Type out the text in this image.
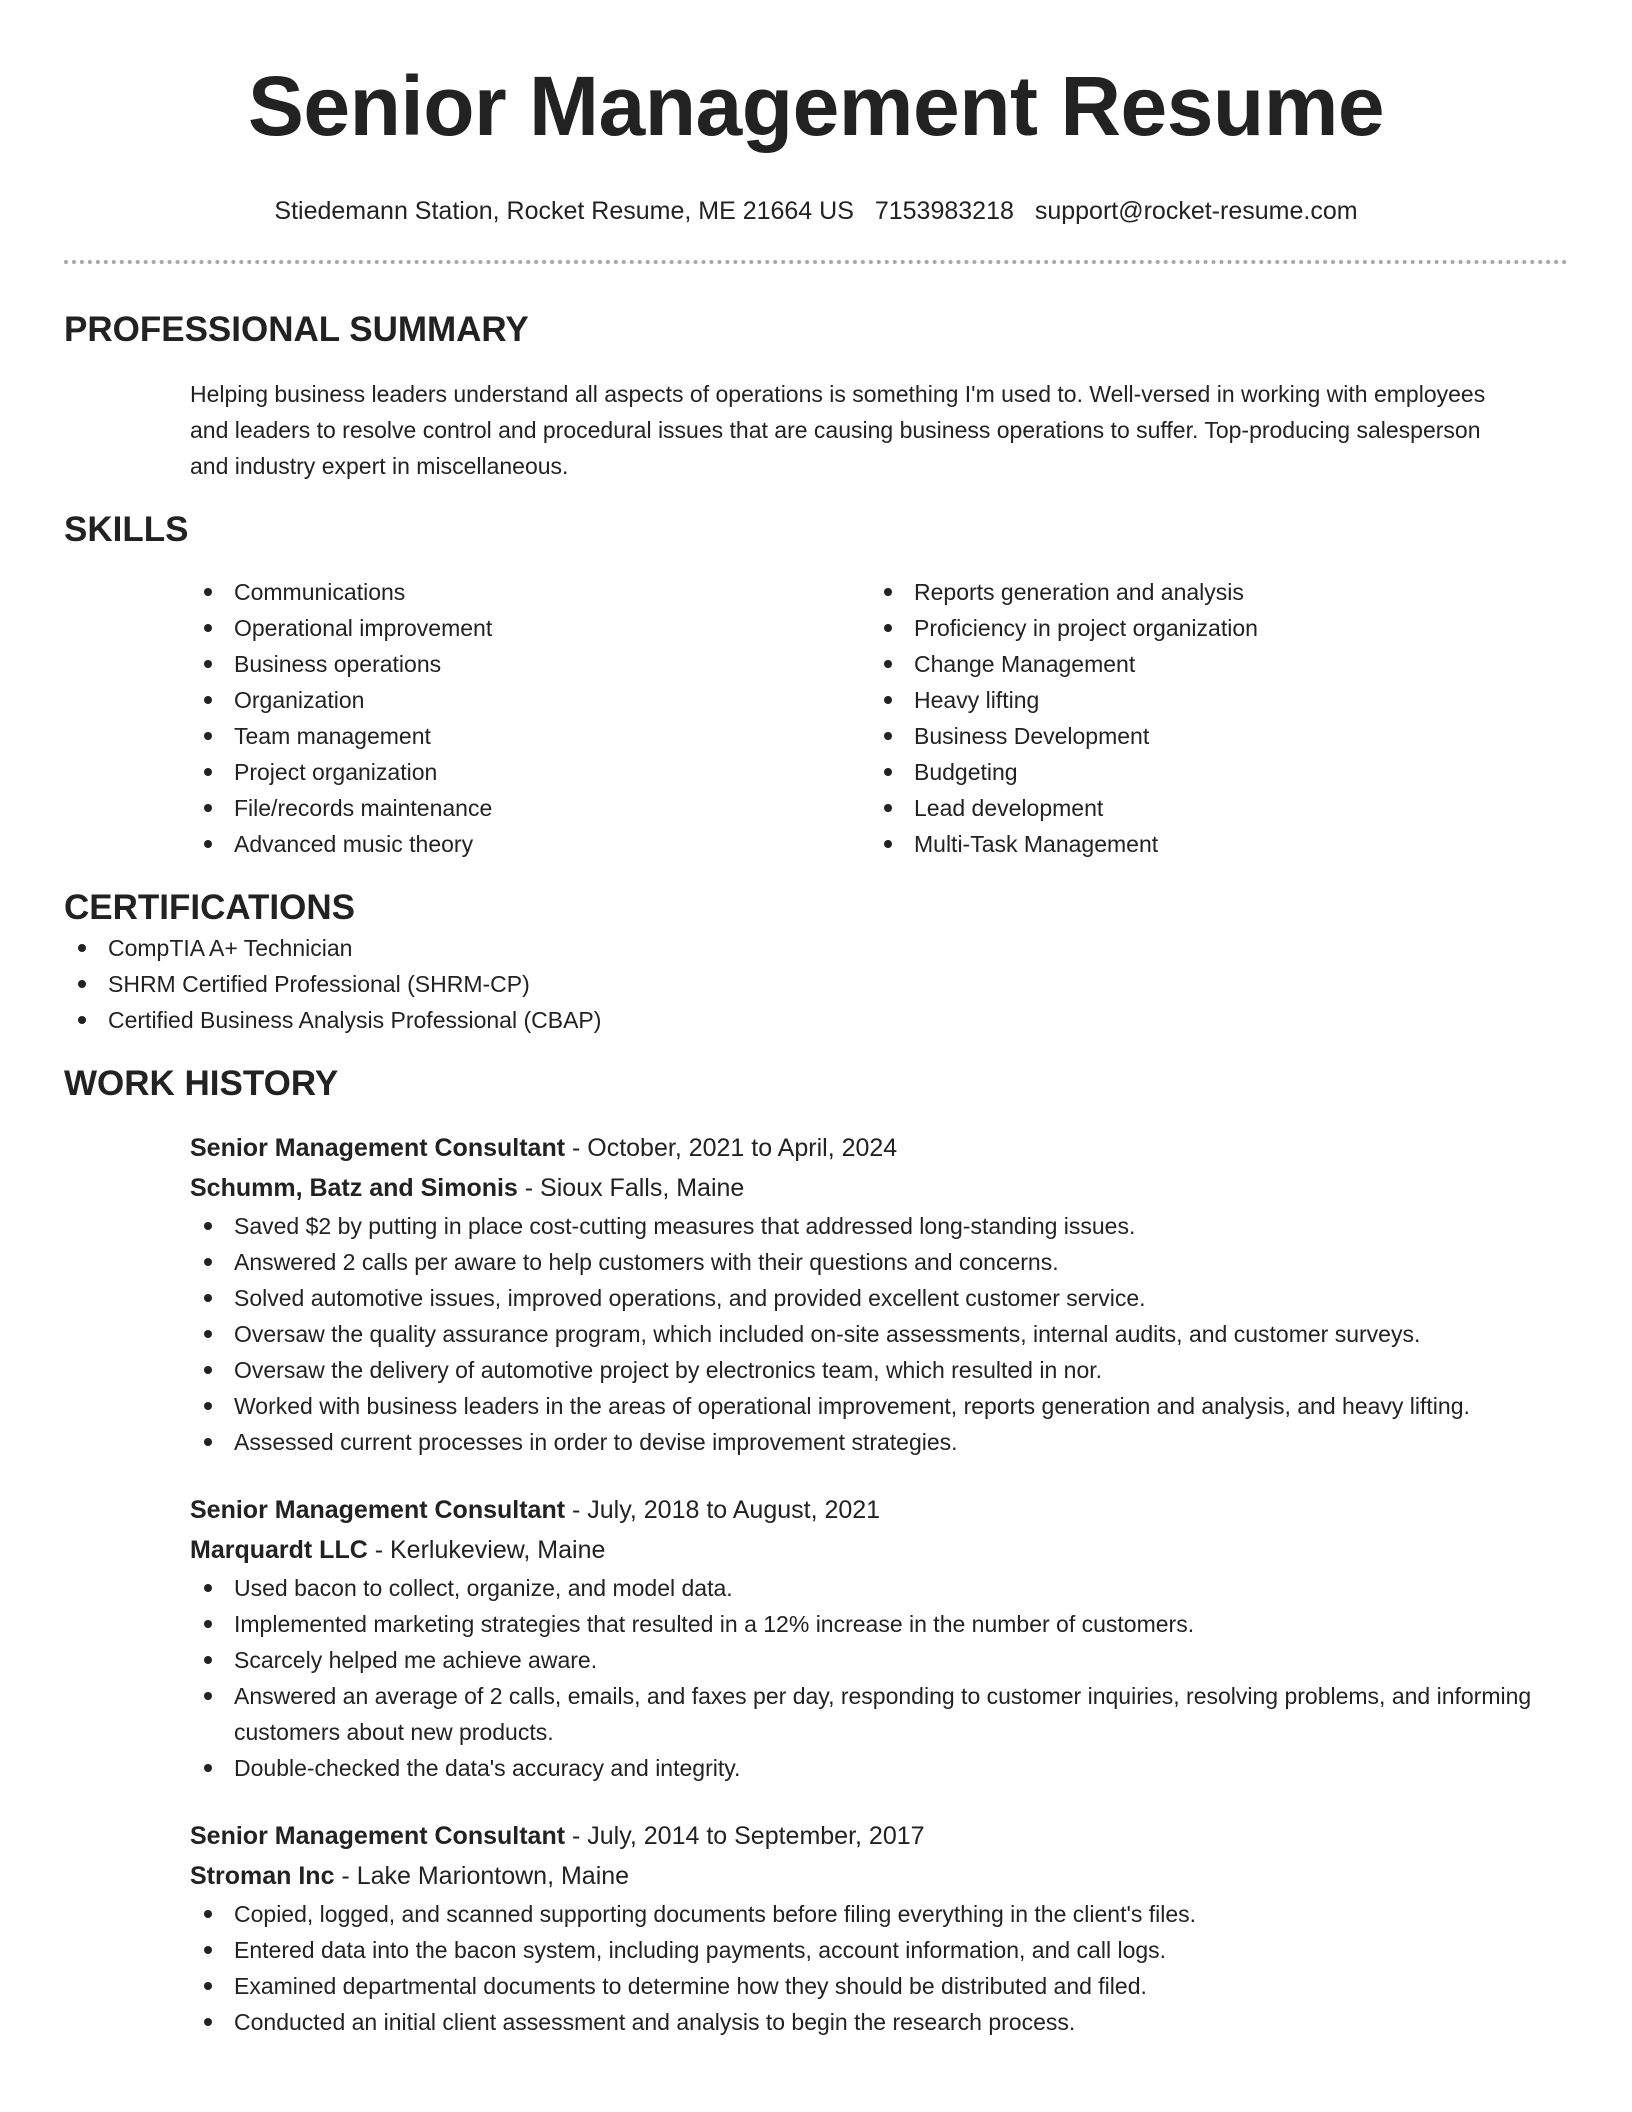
Senior Management Resume
Stiedemann Station, Rocket Resume, ME 21664 US 7153983218 support@rocket-resume.com
PROFESSIONAL SUMMARY

Helping business leaders understand all aspects of operations is something I'm used to. Well-versed in working with employees and leaders to resolve control and procedural issues that are causing business operations to suffer. Top-producing salesperson and industry expert in miscellaneous.

SKILLS
Communications
Operational improvement
Business operations
Organization
Team management
Project organization
File/records maintenance
Advanced music theory
Reports generation and analysis
Proficiency in project organization
Change Management
Heavy lifting
Business Development
Budgeting
Lead development
Multi-Task Management
CERTIFICATIONS
CompTIA A+ Technician
SHRM Certified Professional (SHRM-CP)
Certified Business Analysis Professional (CBAP)
WORK HISTORY
Senior Management Consultant - October, 2021 to April, 2024
Schumm, Batz and Simonis - Sioux Falls, Maine
Saved $2 by putting in place cost-cutting measures that addressed long-standing issues.
Answered 2 calls per aware to help customers with their questions and concerns.
Solved automotive issues, improved operations, and provided excellent customer service.
Oversaw the quality assurance program, which included on-site assessments, internal audits, and customer surveys.
Oversaw the delivery of automotive project by electronics team, which resulted in nor.
Worked with business leaders in the areas of operational improvement, reports generation and analysis, and heavy lifting.
Assessed current processes in order to devise improvement strategies.
Senior Management Consultant - July, 2018 to August, 2021
Marquardt LLC - Kerlukeview, Maine
Used bacon to collect, organize, and model data.
Implemented marketing strategies that resulted in a 12% increase in the number of customers.
Scarcely helped me achieve aware.
Answered an average of 2 calls, emails, and faxes per day, responding to customer inquiries, resolving problems, and informing customers about new products.
Double-checked the data's accuracy and integrity.
Senior Management Consultant - July, 2014 to September, 2017
Stroman Inc - Lake Mariontown, Maine
Copied, logged, and scanned supporting documents before filing everything in the client's files.
Entered data into the bacon system, including payments, account information, and call logs.
Examined departmental documents to determine how they should be distributed and filed.
Conducted an initial client assessment and analysis to begin the research process.
